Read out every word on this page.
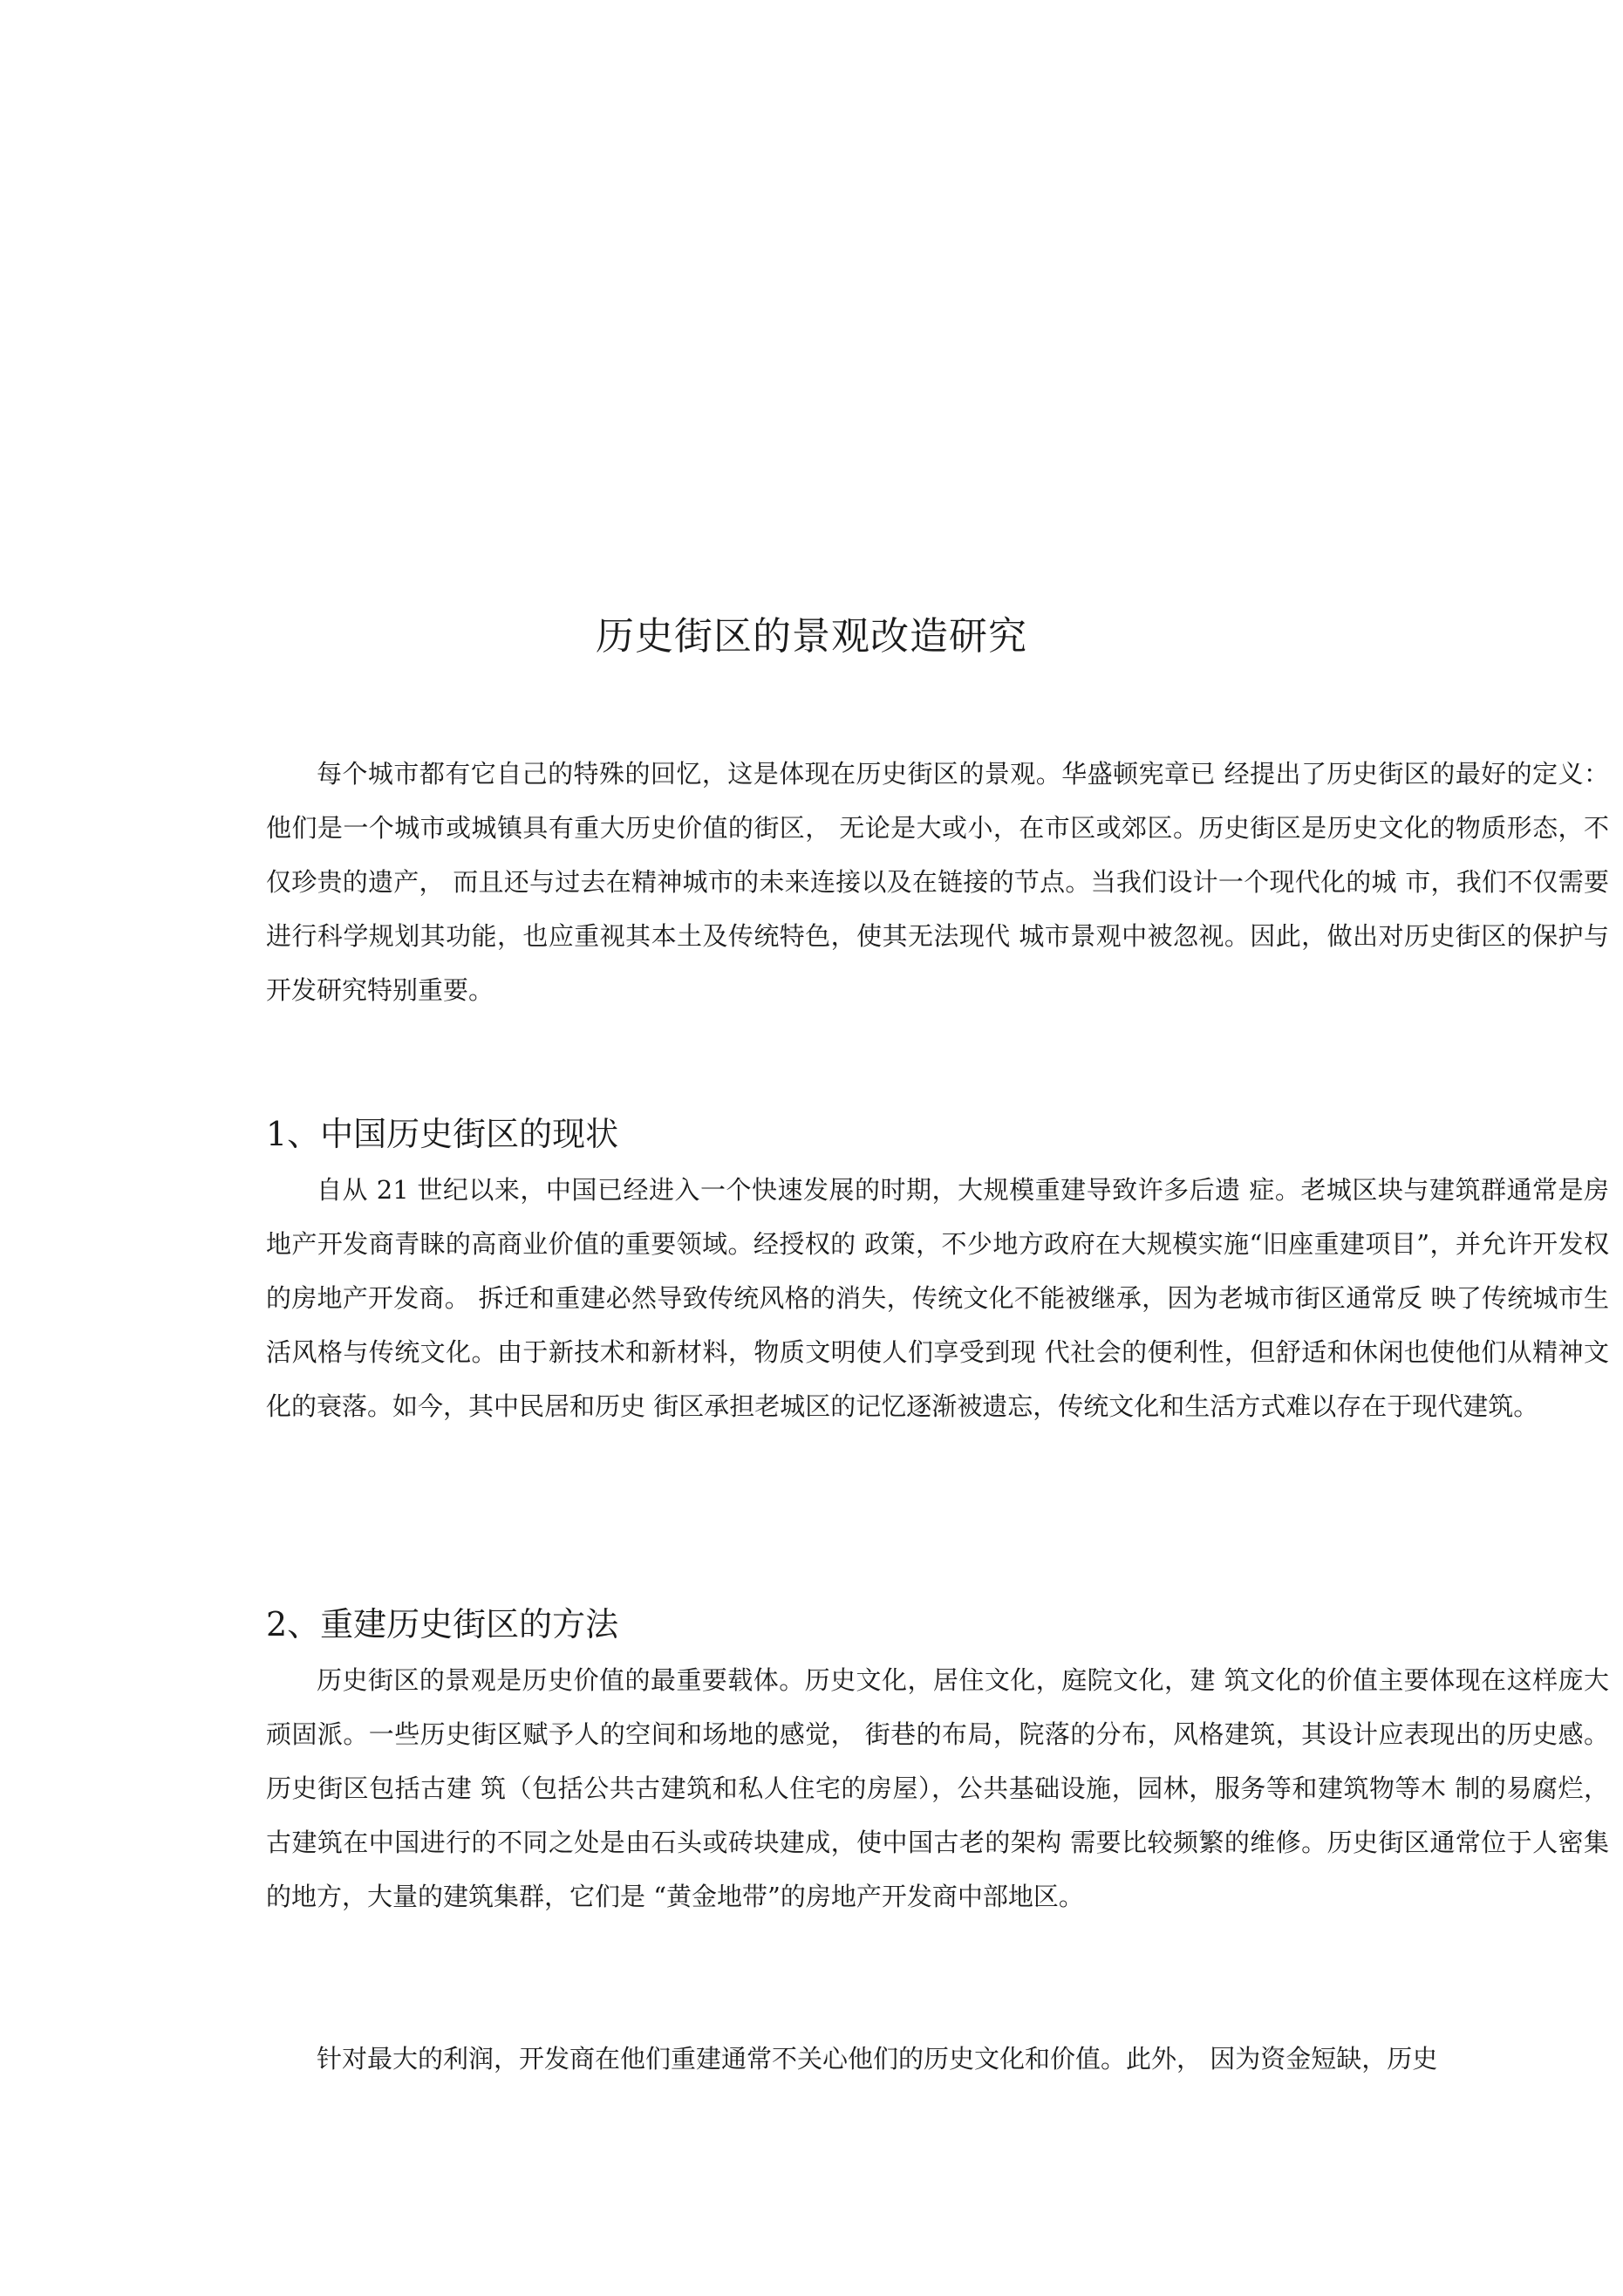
历史街区的景观改造研究

每个城市都有它自己的特殊的回忆，这是体现在历史街区的景观。华盛顿宪章已 经提出了历史街区的最好的定义：他们是一个城市或城镇具有重大历史价值的街区， 无论是大或小，在市区或郊区。历史街区是历史文化的物质形态，不仅珍贵的遗产， 而且还与过去在精神城市的未来连接以及在链接的节点。当我们设计一个现代化的城 市，我们不仅需要进行科学规划其功能，也应重视其本土及传统特色，使其无法现代 城市景观中被忽视。因此，做出对历史街区的保护与开发研究特别重要。

1、中国历史街区的现状

自从 21 世纪以来，中国已经进入一个快速发展的时期，大规模重建导致许多后遗 症。老城区块与建筑群通常是房地产开发商青睐的高商业价值的重要领域。经授权的 政策，不少地方政府在大规模实施“旧座重建项目”，并允许开发权的房地产开发商。 拆迁和重建必然导致传统风格的消失，传统文化不能被继承，因为老城市街区通常反 映了传统城市生活风格与传统文化。由于新技术和新材料，物质文明使人们享受到现 代社会的便利性，但舒适和休闲也使他们从精神文化的衰落。如今，其中民居和历史 街区承担老城区的记忆逐渐被遗忘，传统文化和生活方式难以存在于现代建筑。

2、重建历史街区的方法

历史街区的景观是历史价值的最重要载体。历史文化，居住文化，庭院文化，建 筑文化的价值主要体现在这样庞大顽固派。一些历史街区赋予人的空间和场地的感觉， 街巷的布局，院落的分布，风格建筑，其设计应表现出的历史感。历史街区包括古建 筑（包括公共古建筑和私人住宅的房屋），公共基础设施，园林，服务等和建筑物等木 制的易腐烂，古建筑在中国进行的不同之处是由石头或砖块建成，使中国古老的架构 需要比较频繁的维修。历史街区通常位于人密集的地方，大量的建筑集群，它们是 “黄金地带”的房地产开发商中部地区。

针对最大的利润，开发商在他们重建通常不关心他们的历史文化和价值。此外， 因为资金短缺，历史
